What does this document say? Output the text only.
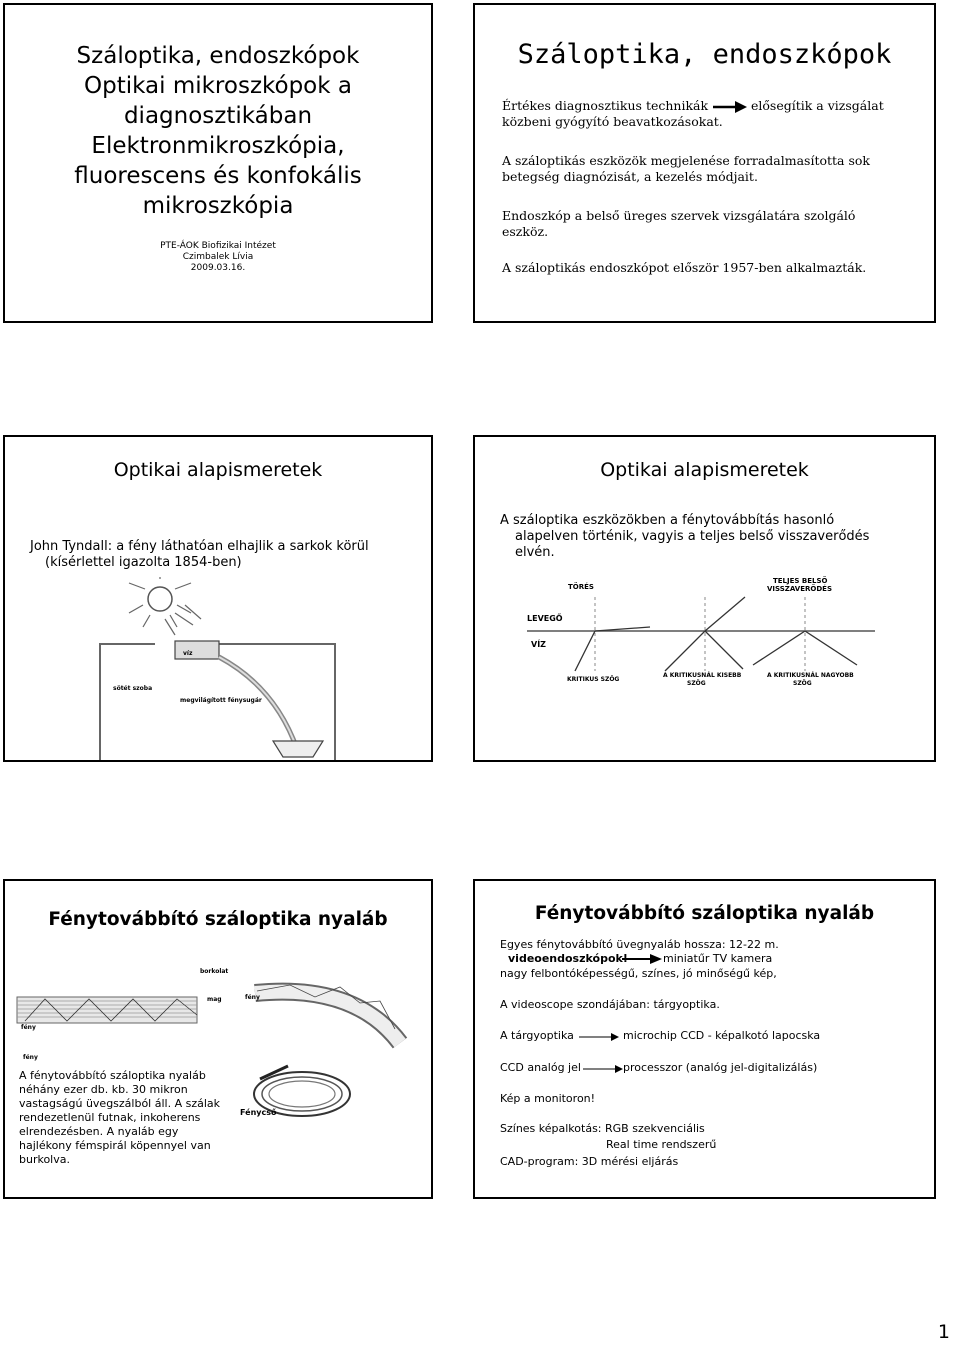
Száloptika, endoszkópok
Optikai mikroszkópok a
diagnosztikában
Elektronmikroszkópia,
fluorescens és konfokális
mikroszkópia
PTE-ÁOK Biofizikai Intézet
Czimbalek Lívia
2009.03.16.
Száloptika, endoszkópok
Értékes diagnosztikus technikák	elősegítik a vizsgálat
közbeni gyógyító beavatkozásokat.
A száloptikás eszközök megjelenése forradalmasította sok
betegség diagnózisát, a kezelés módjait.
Endoszkóp a belső üreges szervek vizsgálatára szolgáló
eszköz.
A száloptikás endoszkópot először 1957-ben alkalmazták.
Optikai alapismeretek
John Tyndall: a fény láthatóan elhajlik a sarkok körül
(kísérlettel igazolta 1854-ben)
víz
sötét szoba
megvilágított fénysugár
Optikai alapismeretek
A száloptika eszközökben a fénytovábbítás hasonló
alapelven történik, vagyis a teljes belső visszaverődés
elvén.
TÖRÉS
TELJES BELSŐ
VISSZAVERŐDÉS
LEVEGŐ
VÍZ
KRITIKUS SZÖG
A KRITIKUSNÁL KISEBB
SZÖG
A KRITIKUSNÁL NAGYOBB
SZÖG
Fénytovábbító száloptika nyaláb
borkolat
mag
fény
fény
fény
Fénycső
A fénytovábbító száloptika nyaláb
néhány ezer db. kb. 30 mikron
vastagságú üvegszálból áll. A szálak
rendezetlenül futnak, inkoherens
elrendezésben. A nyaláb egy
hajlékony fémspirál köpennyel van
burkolva.
Fénytovábbító száloptika nyaláb
Egyes fénytovábbító üvegnyaláb hossza: 12-22 m.
videoendoszkópok!	miniatűr TV kamera
nagy felbontóképességű, színes, jó minőségű kép,
A videoscope szondájában: tárgyoptika.
A tárgyoptika	microchip CCD - képalkotó lapocska
CCD analóg jel	processzor (analóg jel-digitalizálás)
Kép a monitoron!
Színes képalkotás: RGB szekvenciális
Real time rendszerű
CAD-program: 3D mérési eljárás
1
